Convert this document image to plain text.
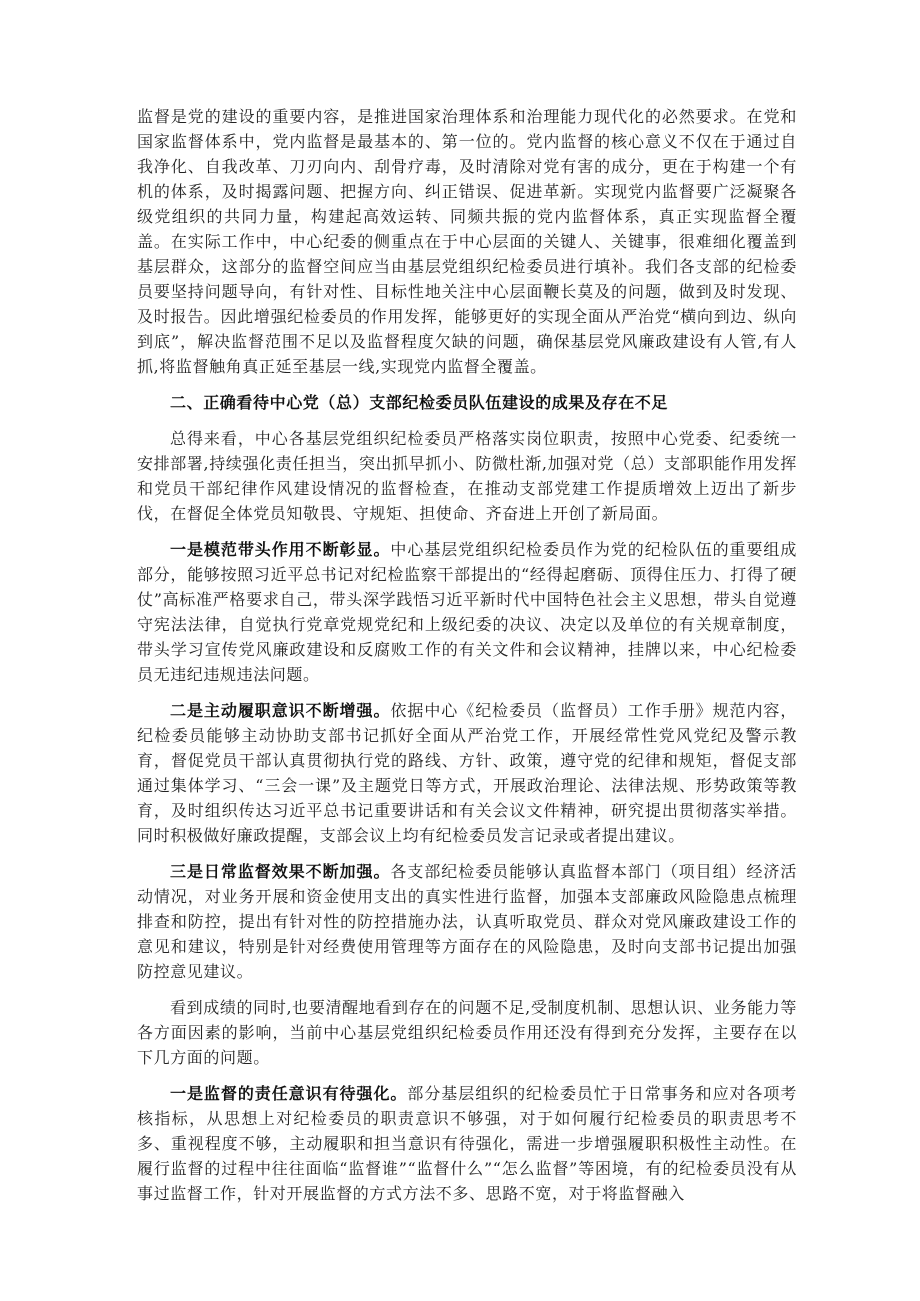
监督是党的建设的重要内容，是推进国家治理体系和治理能力现代化的必然要求。在党和国家监督体系中，党内监督是最基本的、第一位的。党内监督的核心意义不仅在于通过自我净化、自我改革、刀刃向内、刮骨疗毒，及时清除对党有害的成分，更在于构建一个有机的体系，及时揭露问题、把握方向、纠正错误、促进革新。实现党内监督要广泛凝聚各级党组织的共同力量，构建起高效运转、同频共振的党内监督体系，真正实现监督全覆盖。在实际工作中，中心纪委的侧重点在于中心层面的关键人、关键事，很难细化覆盖到基层群众，这部分的监督空间应当由基层党组织纪检委员进行填补。我们各支部的纪检委员要坚持问题导向，有针对性、目标性地关注中心层面鞭长莫及的问题，做到及时发现、及时报告。因此增强纪检委员的作用发挥，能够更好的实现全面从严治党“横向到边、纵向到底”，解决监督范围不足以及监督程度欠缺的问题，确保基层党风廉政建设有人管,有人抓,将监督触角真正延至基层一线,实现党内监督全覆盖。

二、正确看待中心党（总）支部纪检委员队伍建设的成果及存在不足

总得来看，中心各基层党组织纪检委员严格落实岗位职责，按照中心党委、纪委统一安排部署,持续强化责任担当，突出抓早抓小、防微杜渐,加强对党（总）支部职能作用发挥和党员干部纪律作风建设情况的监督检查，在推动支部党建工作提质增效上迈出了新步伐，在督促全体党员知敬畏、守规矩、担使命、齐奋进上开创了新局面。

一是模范带头作用不断彰显。中心基层党组织纪检委员作为党的纪检队伍的重要组成部分，能够按照习近平总书记对纪检监察干部提出的“经得起磨砺、顶得住压力、打得了硬仗”高标准严格要求自己，带头深学践悟习近平新时代中国特色社会主义思想，带头自觉遵守宪法法律，自觉执行党章党规党纪和上级纪委的决议、决定以及单位的有关规章制度，带头学习宣传党风廉政建设和反腐败工作的有关文件和会议精神，挂牌以来，中心纪检委员无违纪违规违法问题。

二是主动履职意识不断增强。依据中心《纪检委员（监督员）工作手册》规范内容，纪检委员能够主动协助支部书记抓好全面从严治党工作，开展经常性党风党纪及警示教育，督促党员干部认真贯彻执行党的路线、方针、政策，遵守党的纪律和规矩，督促支部通过集体学习、“三会一课”及主题党日等方式，开展政治理论、法律法规、形势政策等教育，及时组织传达习近平总书记重要讲话和有关会议文件精神，研究提出贯彻落实举措。同时积极做好廉政提醒，支部会议上均有纪检委员发言记录或者提出建议。

三是日常监督效果不断加强。各支部纪检委员能够认真监督本部门（项目组）经济活动情况，对业务开展和资金使用支出的真实性进行监督，加强本支部廉政风险隐患点梳理排查和防控，提出有针对性的防控措施办法，认真听取党员、群众对党风廉政建设工作的意见和建议，特别是针对经费使用管理等方面存在的风险隐患，及时向支部书记提出加强防控意见建议。

看到成绩的同时,也要清醒地看到存在的问题不足,受制度机制、思想认识、业务能力等各方面因素的影响，当前中心基层党组织纪检委员作用还没有得到充分发挥，主要存在以下几方面的问题。

一是监督的责任意识有待强化。部分基层组织的纪检委员忙于日常事务和应对各项考核指标，从思想上对纪检委员的职责意识不够强，对于如何履行纪检委员的职责思考不多、重视程度不够，主动履职和担当意识有待强化，需进一步增强履职积极性主动性。在履行监督的过程中往往面临“监督谁”“监督什么”“怎么监督”等困境，有的纪检委员没有从事过监督工作，针对开展监督的方式方法不多、思路不宽，对于将监督融入
